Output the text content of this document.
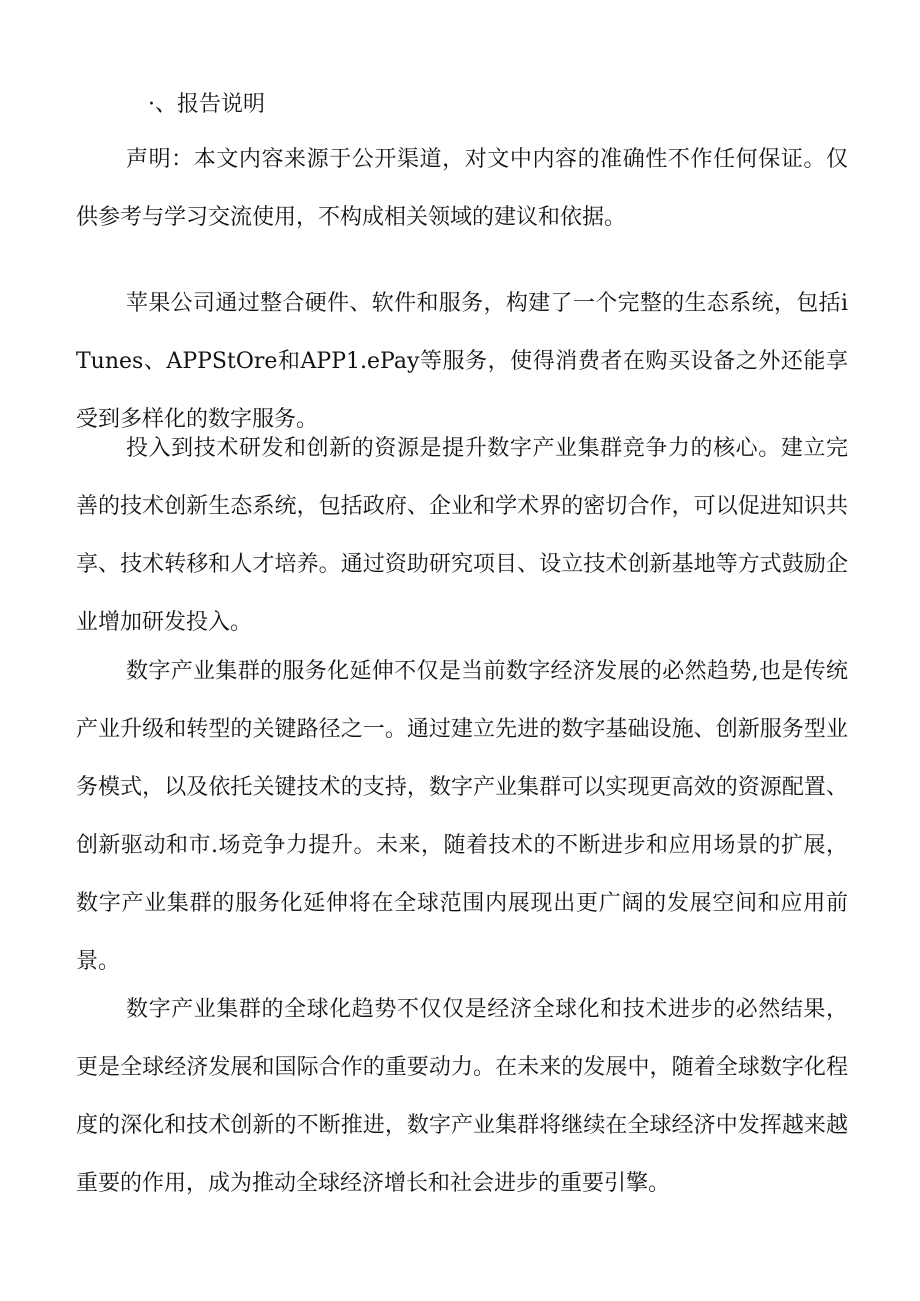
·、报告说明

声明：本文内容来源于公开渠道，对文中内容的准确性不作任何保证。仅供参考与学习交流使用，不构成相关领域的建议和依据。

苹果公司通过整合硬件、软件和服务，构建了一个完整的生态系统，包括iTunes、APPStOre和APP1.ePay等服务，使得消费者在购买设备之外还能享受到多样化的数字服务。

投入到技术研发和创新的资源是提升数字产业集群竞争力的核心。建立完善的技术创新生态系统，包括政府、企业和学术界的密切合作，可以促进知识共享、技术转移和人才培养。通过资助研究项目、设立技术创新基地等方式鼓励企业增加研发投入。

数字产业集群的服务化延伸不仅是当前数字经济发展的必然趋势,也是传统产业升级和转型的关键路径之一。通过建立先进的数字基础设施、创新服务型业务模式，以及依托关键技术的支持，数字产业集群可以实现更高效的资源配置、创新驱动和市.场竞争力提升。未来，随着技术的不断进步和应用场景的扩展，数字产业集群的服务化延伸将在全球范围内展现出更广阔的发展空间和应用前景。

数字产业集群的全球化趋势不仅仅是经济全球化和技术进步的必然结果，更是全球经济发展和国际合作的重要动力。在未来的发展中，随着全球数字化程度的深化和技术创新的不断推进，数字产业集群将继续在全球经济中发挥越来越重要的作用，成为推动全球经济增长和社会进步的重要引擎。
